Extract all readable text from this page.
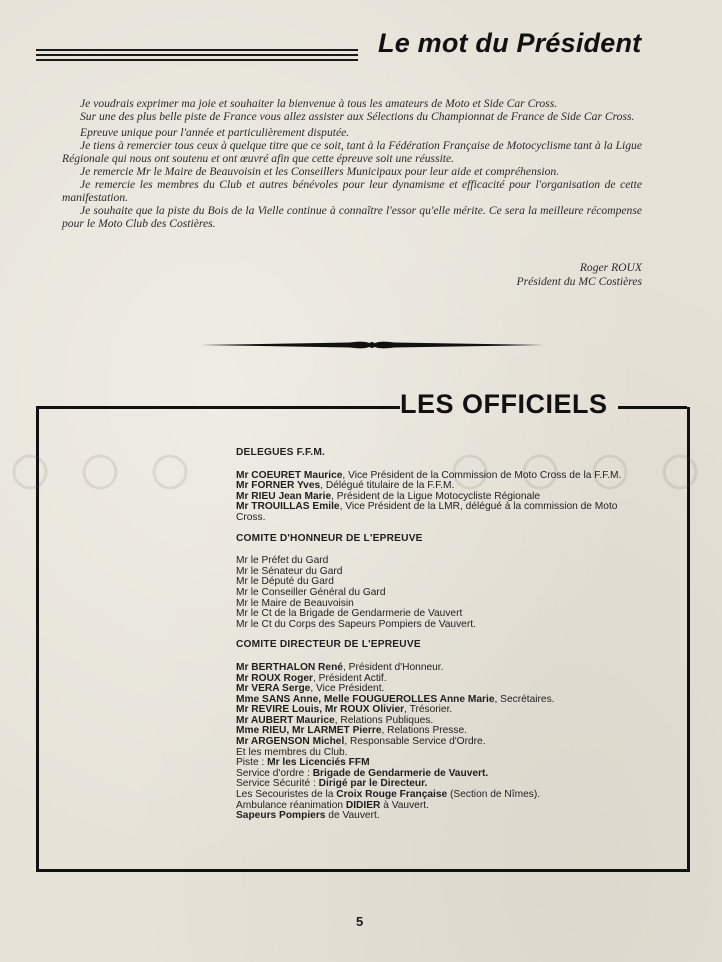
Le mot du Président

Je voudrais exprimer ma joie et souhaiter la bienvenue à tous les amateurs de Moto et Side Car Cross.

Sur une des plus belle piste de France vous allez assister aux Sélections du Championnat de France de Side Car Cross.

Epreuve unique pour l'année et particulièrement disputée.

Je tiens à remercier tous ceux à quelque titre que ce soit, tant à la Fédération Française de Motocyclisme tant à la Ligue Régionale qui nous ont soutenu et ont œuvré afin que cette épreuve soit une réussite.

Je remercie Mr le Maire de Beauvoisin et les Conseillers Municipaux pour leur aide et compréhension.

Je remercie les membres du Club et autres bénévoles pour leur dynamisme et efficacité pour l'organisation de cette manifestation.

Je souhaite que la piste du Bois de la Vielle continue à connaître l'essor qu'elle mérite. Ce sera la meilleure récompense pour le Moto Club des Costières.

Roger ROUX
Président du MC Costières
LES OFFICIELS
DELEGUES F.F.M.
Mr COEURET Maurice, Vice Président de la Commission de Moto Cross de la F.F.M.
Mr FORNER Yves, Délégué titulaire de la F.F.M.
Mr RIEU Jean Marie, Président de la Ligue Motocycliste Régionale
Mr TROUILLAS Emile, Vice Président de la LMR, délégué à la commission de Moto Cross.
COMITE D'HONNEUR DE L'EPREUVE
Mr le Préfet du Gard
Mr le Sénateur du Gard
Mr le Député du Gard
Mr le Conseiller Général du Gard
Mr le Maire de Beauvoisin
Mr le Ct de la Brigade de Gendarmerie de Vauvert
Mr le Ct du Corps des Sapeurs Pompiers de Vauvert.
COMITE DIRECTEUR DE L'EPREUVE
Mr BERTHALON René, Président d'Honneur.
Mr ROUX Roger, Président Actif.
Mr VERA Serge, Vice Président.
Mme SANS Anne, Melle FOUGUEROLLES Anne Marie, Secrétaires.
Mr REVIRE Louis, Mr ROUX Olivier, Trésorier.
Mr AUBERT Maurice, Relations Publiques.
Mme RIEU, Mr LARMET Pierre, Relations Presse.
Mr ARGENSON Michel, Responsable Service d'Ordre.
Et les membres du Club.
Piste : Mr les Licenciés FFM
Service d'ordre : Brigade de Gendarmerie de Vauvert.
Service Sécurité : Dirigé par le Directeur.
Les Secouristes de la Croix Rouge Française (Section de Nîmes).
Ambulance réanimation DIDIER à Vauvert.
Sapeurs Pompiers de Vauvert.
5
